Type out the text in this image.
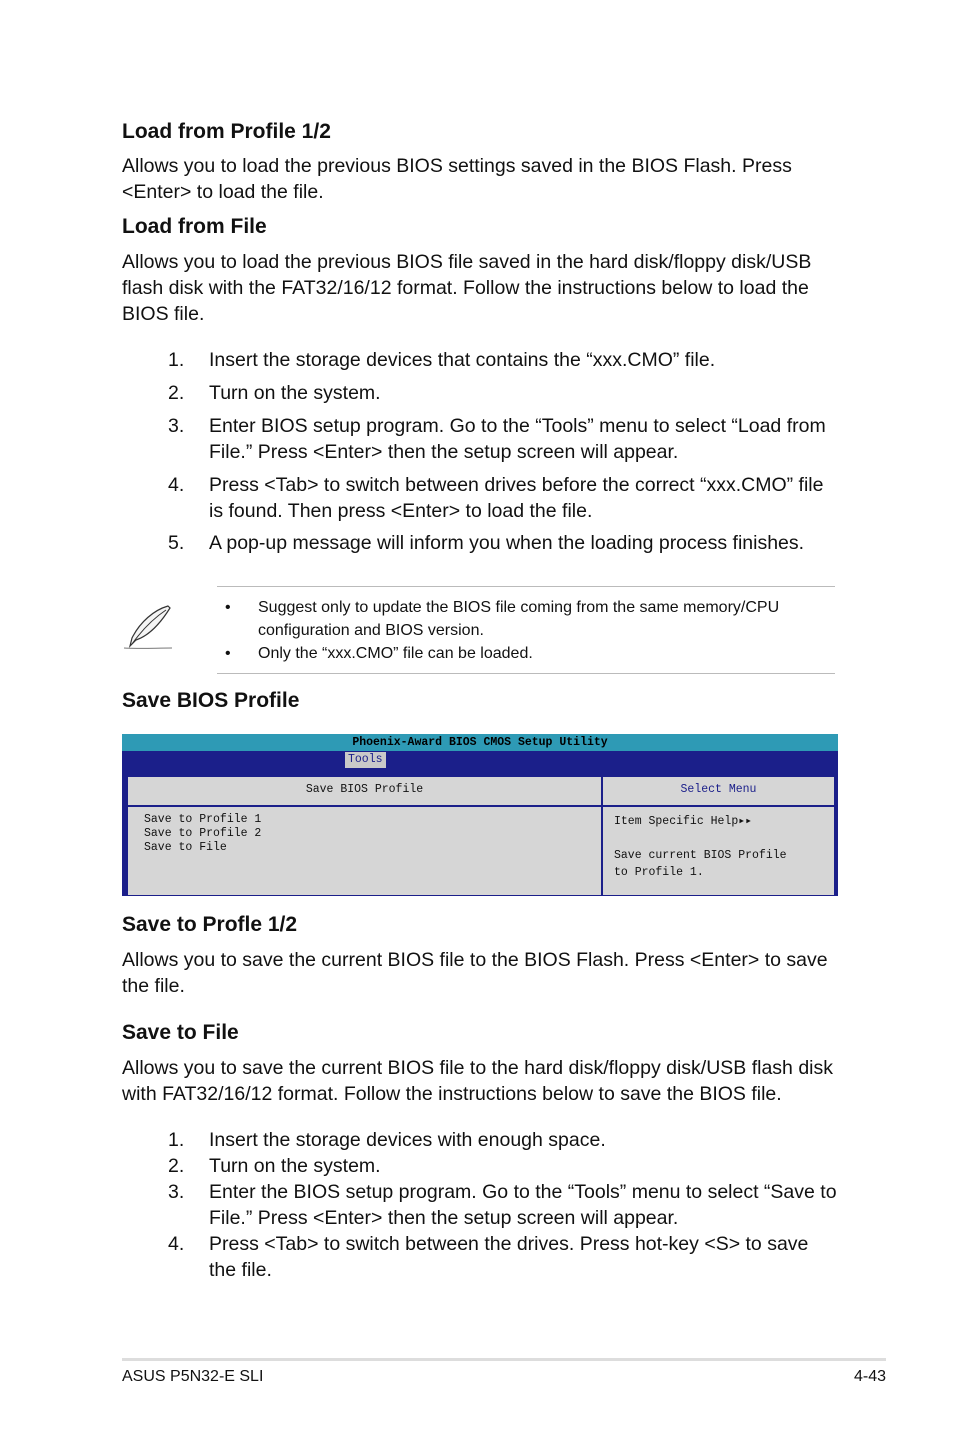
Load from Profile 1/2

Allows you to load the previous BIOS settings saved in the BIOS Flash. Press <Enter> to load the file.

Load from File

Allows you to load the previous BIOS file saved in the hard disk/floppy disk/USB flash disk with the FAT32/16/12 format. Follow the instructions below to load the BIOS file.

1.	Insert the storage devices that contains the “xxx.CMO” file.
2.	Turn on the system.
3.	Enter BIOS setup program. Go to the “Tools” menu to select “Load from File.” Press <Enter> then the setup screen will appear.
4.	Press <Tab> to switch between drives before the correct “xxx.CMO” file is found. Then press <Enter> to load the file.
5.	A pop-up message will inform you when the loading process finishes.
• Suggest only to update the BIOS file coming from the same memory/CPU configuration and BIOS version.
• Only the “xxx.CMO” file can be loaded.
Save BIOS Profile
Phoenix-Award BIOS CMOS Setup Utility
Tools
Save BIOS Profile	Select Menu
Save to Profile 1
Save to Profile 2
Save to File
Item Specific Help▸▸
Save current BIOS Profile
to Profile 1.
Save to Profle 1/2

Allows you to save the current BIOS file to the BIOS Flash. Press <Enter> to save the file.

Save to File

Allows you to save the current BIOS file to the hard disk/floppy disk/USB flash disk with FAT32/16/12 format. Follow the instructions below to save the BIOS file.

1.	Insert the storage devices with enough space.
2.	Turn on the system.
3.	Enter the BIOS setup program. Go to the “Tools” menu to select “Save to File.” Press <Enter> then the setup screen will appear.
4.	Press <Tab> to switch between the drives. Press hot-key <S> to save the file.
ASUS P5N32-E SLI	4-43
